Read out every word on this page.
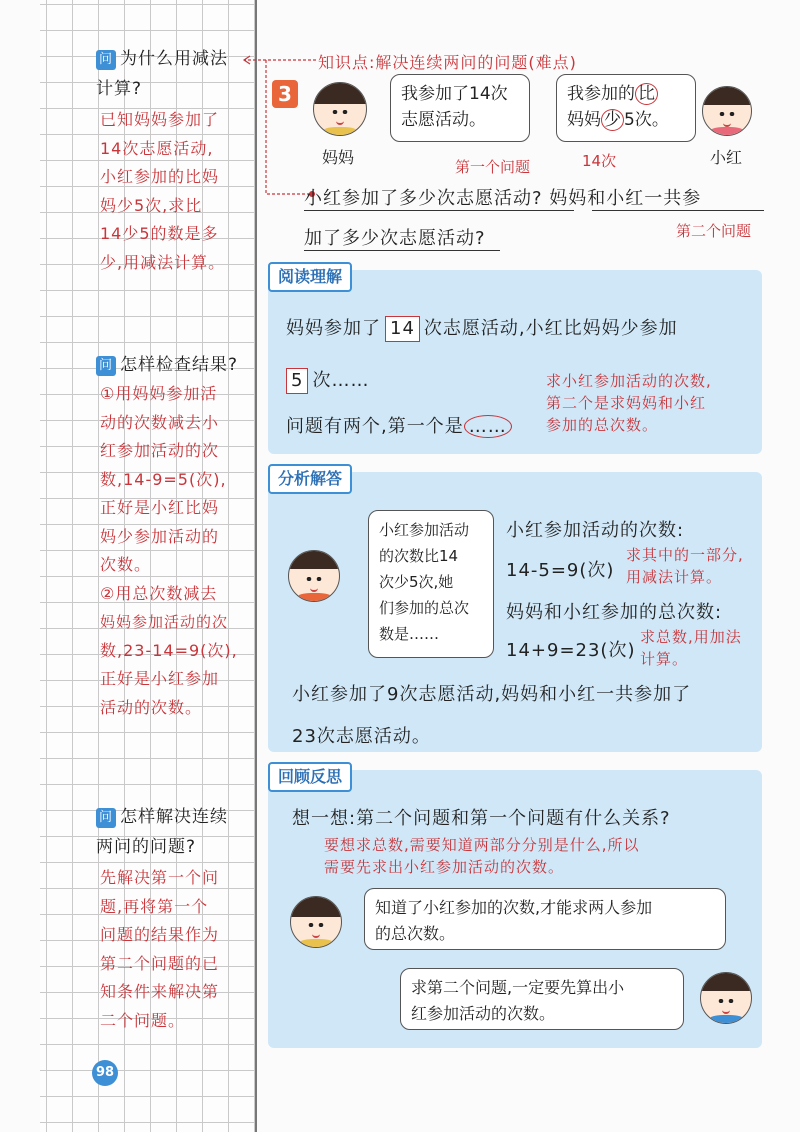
问 为什么用减法
计算?
已知妈妈参加了
14次志愿活动,
小红参加的比妈
妈少5次,求比
14少5的数是多
少,用减法计算。
问 怎样检查结果?
①用妈妈参加活
动的次数减去小
红参加活动的次
数,14-9=5(次),
正好是小红比妈
妈少参加活动的
次数。
②用总次数减去
妈妈参加活动的次
数,23-14=9(次),
正好是小红参加
活动的次数。
问 怎样解决连续
两问的问题?
先解决第一个问
题,再将第一个
问题的结果作为
第二个问题的已
知条件来解决第
二个问题。
98
知识点:解决连续两问的问题(难点)
3
妈妈
我参加了14次
志愿活动。
我参加的 比
妈妈 少 5次。
小红
14次
第一个问题
小红参加了多少次志愿活动? 妈妈和小红一共参
加了多少次志愿活动?	第二个问题
阅读理解
妈妈参加了 14 次志愿活动,小红比妈妈少参加
5 次……
问题有两个,第一个是 ……
求小红参加活动的次数,
第二个是求妈妈和小红
参加的总次数。
分析解答
小红参加活动
的次数比14
次少5次,她
们参加的总次
数是……
小红参加活动的次数:
14-5=9(次)
求其中的一部分,
用减法计算。
妈妈和小红参加的总次数:
14+9=23(次)
求总数,用加法
计算。
小红参加了9次志愿活动,妈妈和小红一共参加了
23次志愿活动。
回顾反思
想一想:第二个问题和第一个问题有什么关系?
要想求总数,需要知道两部分分别是什么,所以
需要先求出小红参加活动的次数。
知道了小红参加的次数,才能求两人参加
的总次数。
求第二个问题,一定要先算出小
红参加活动的次数。
